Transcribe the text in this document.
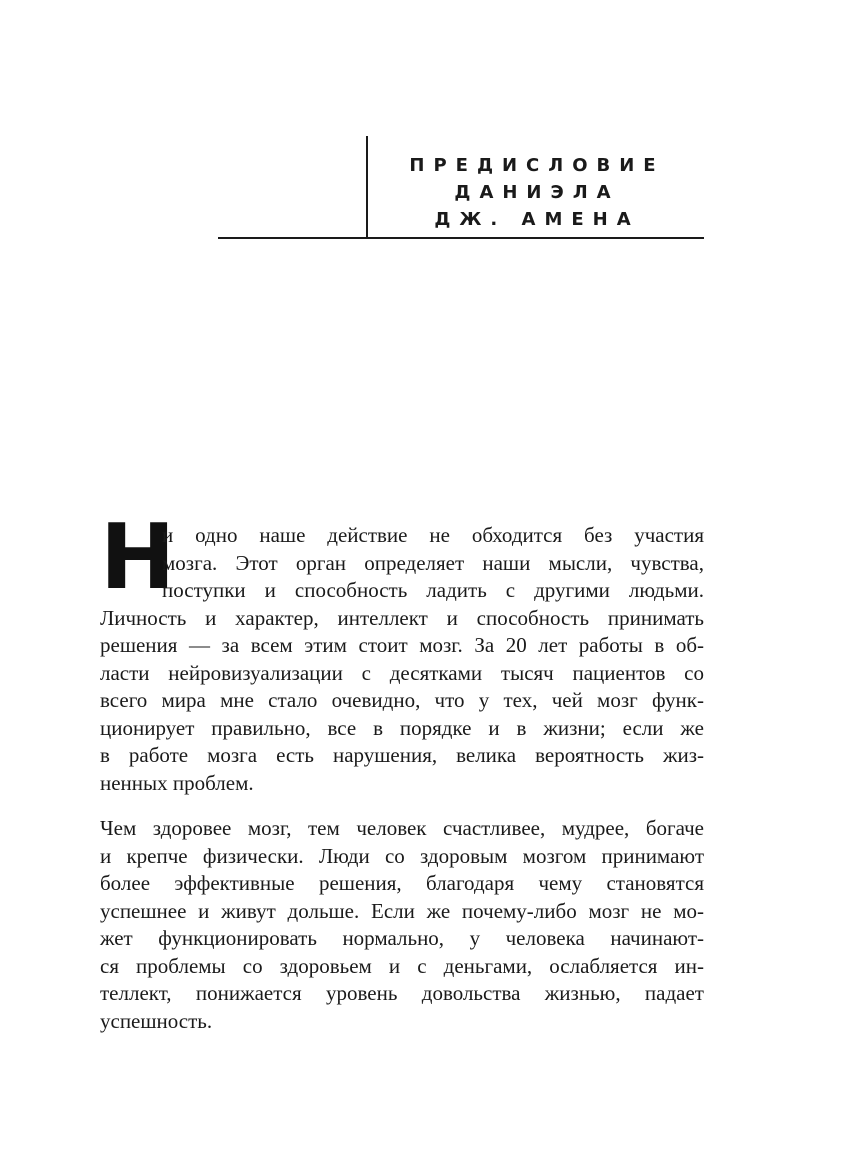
ПРЕДИСЛОВИЕ
ДАНИЭЛА
ДЖ. АМЕНА
Н
и одно наше действие не обходится без участия
мозга. Этот орган определяет наши мысли, чувства,
поступки и способность ладить с другими людьми.
Личность и характер, интеллект и способность принимать
решения — за всем этим стоит мозг. За 20 лет работы в об-
ласти нейровизуализации с десятками тысяч пациентов со
всего мира мне стало очевидно, что у тех, чей мозг функ-
ционирует правильно, все в порядке и в жизни; если же
в работе мозга есть нарушения, велика вероятность жиз-
ненных проблем.
Чем здоровее мозг, тем человек счастливее, мудрее, богаче
и крепче физически. Люди со здоровым мозгом принимают
более эффективные решения, благодаря чему становятся
успешнее и живут дольше. Если же почему-либо мозг не мо-
жет функционировать нормально, у человека начинают-
ся проблемы со здоровьем и с деньгами, ослабляется ин-
теллект, понижается уровень довольства жизнью, падает
успешность.
